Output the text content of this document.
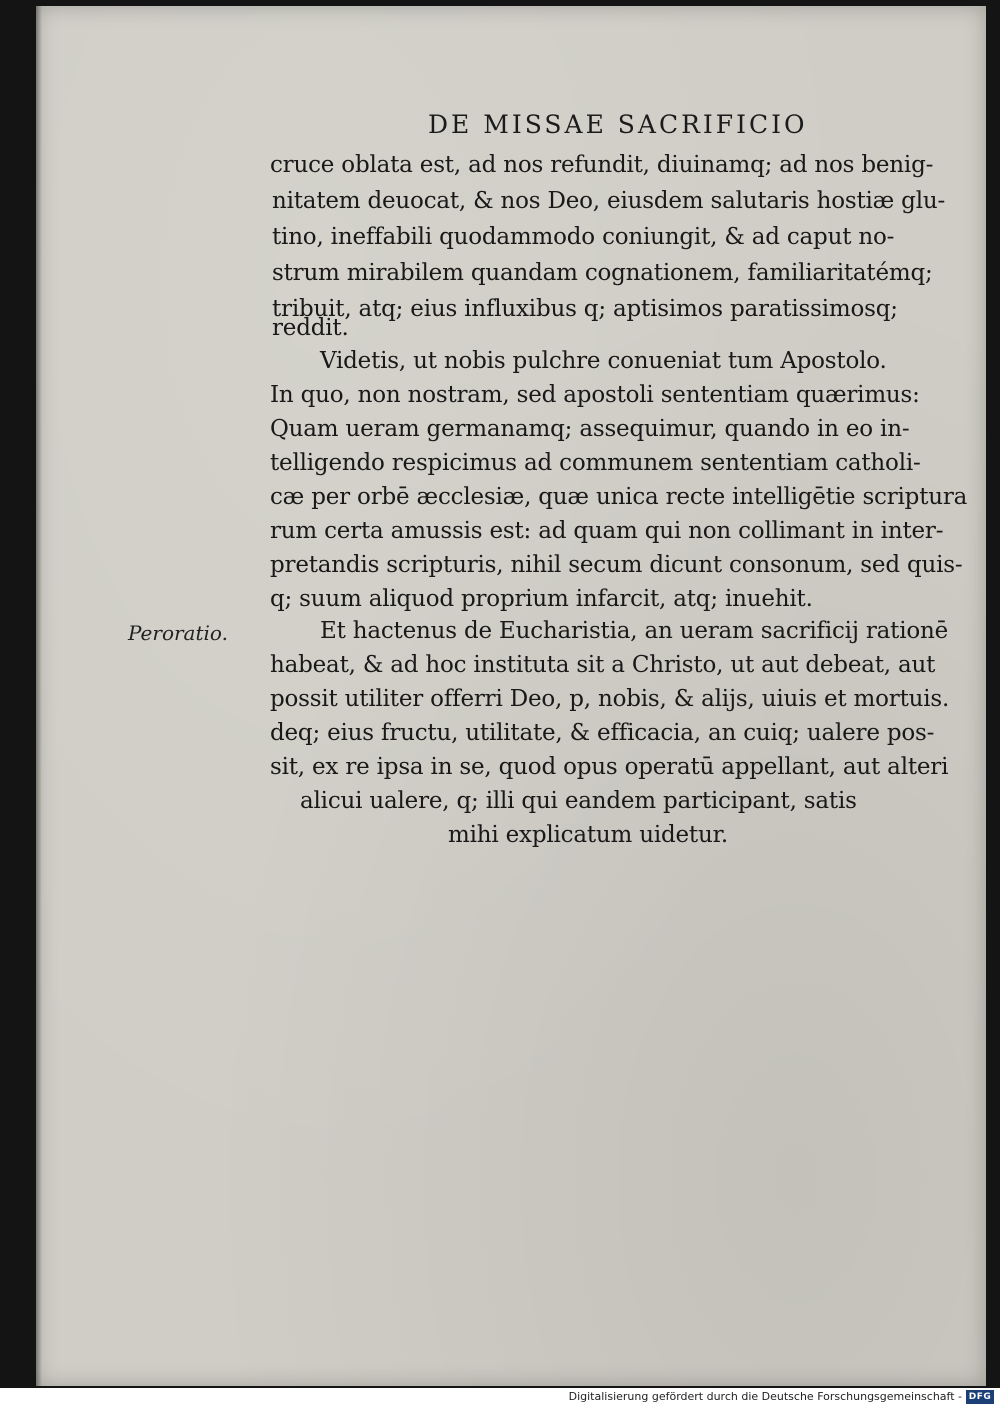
DE MISSAE SACRIFICIO

cruce oblata est, ad nos refundit, diuinamq; ad nos benig-

nitatem deuocat, & nos Deo, eiusdem salutaris hostiæ glu-

tino, ineffabili quodammodo coniungit, & ad caput no-

strum mirabilem quandam cognationem, familiaritatémq;

tribuit, atq; eius influxibus q; aptisimos paratissimosq;

reddit.

Videtis, ut nobis pulchre conueniat tum Apostolo.

In quo, non nostram, sed apostoli sententiam quærimus:

Quam ueram germanamq; assequimur, quando in eo in-

telligendo respicimus ad communem sententiam catholi-

cæ per orbē æcclesiæ, quæ unica recte intelligētie scriptura

rum certa amussis est: ad quam qui non collimant in inter-

pretandis scripturis, nihil secum dicunt consonum, sed quis-

q; suum aliquod proprium infarcit, atq; inuehit.

Peroratio.	Et hactenus de Eucharistia, an ueram sacrificij rationē

habeat, & ad hoc instituta sit a Christo, ut aut debeat, aut

possit utiliter offerri Deo, p, nobis, & alijs, uiuis et mortuis.

deq; eius fructu, utilitate, & efficacia, an cuiq; ualere pos-

sit, ex re ipsa in se, quod opus operatū appellant, aut alteri

alicui ualere, q; illi qui eandem participant, satis

mihi explicatum uidetur.

Digitalisierung gefördert durch die Deutsche Forschungsgemeinschaft - DFG
